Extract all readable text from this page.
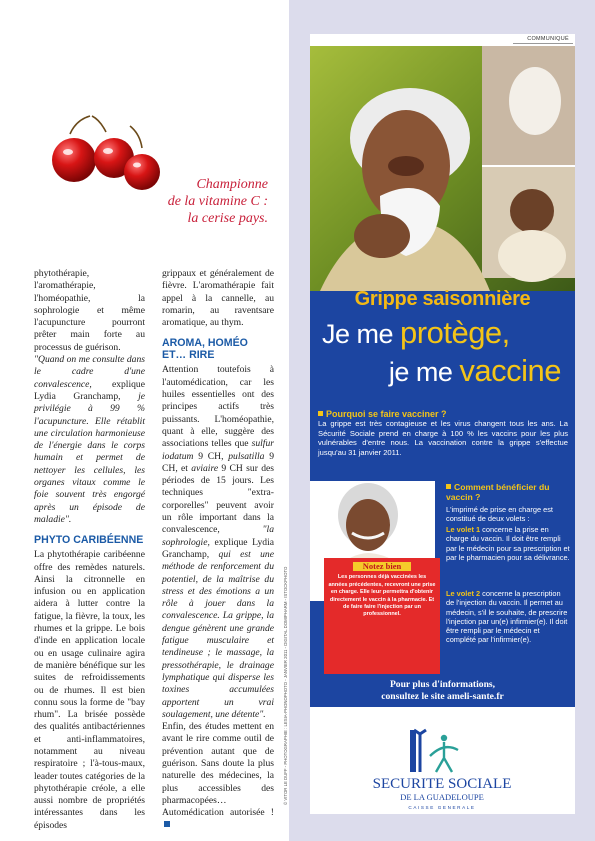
Championne
de la vitamine C :
la cerise pays.

phytothérapie, l'aromathérapie, l'homéopathie, la sophrologie et même l'acupuncture pourront prêter main forte au processus de guérison.

"Quand on me consulte dans le cadre d'une convalescence, explique Lydia Granchamp, je privilégie à 99 % l'acupuncture. Elle rétablit une circulation harmonieuse de l'énergie dans le corps humain et permet de nettoyer les cellules, les organes vitaux comme le foie souvent très engorgé après un épisode de maladie".

PHYTO CARIBÉENNE

La phytothérapie caribéenne offre des remèdes naturels. Ainsi la citronnelle en infusion ou en application aidera à lutter contre la fatigue, la fièvre, la toux, les rhumes et la grippe. Le bois d'inde en application locale ou en usage culinaire agira de manière bénéfique sur les suites de refroidissements ou de rhumes. Il est bien connu sous la forme de "bay rhum". La brisée possède des qualités antibactériennes et anti-inflammatoires, notamment au niveau respiratoire ; l'à-tous-maux, leader toutes catégories de la phytothérapie créole, a elle aussi nombre de propriétés intéressantes dans les épisodes

grippaux et généralement de fièvre. L'aromathérapie fait appel à la cannelle, au romarin, au raventsare aromatique, au thym.

AROMA, HOMÉO ET… RIRE

Attention toutefois à l'automédication, car les huiles essentielles ont des principes actifs très puissants. L'homéopathie, quant à elle, suggère des associations telles que sulfur iodatum 9 CH, pulsatilla 9 CH, et aviaire 9 CH sur des périodes de 15 jours. Les techniques "extra-corporelles" peuvent avoir un rôle important dans la convalescence,	"la sophrologie, explique Lydia Granchamp, qui est une méthode de renforcement du potentiel, de la maîtrise du stress et des émotions a un rôle à jouer dans la convalescence. La grippe, la dengue génèrent une grande fatigue musculaire et tendineuse ; le massage, la pressothérapie, le drainage lymphatique qui disperse les toxines accumulées apportent un vrai soulagement, une détente".

Enfin, des études mettent en avant le rire comme outil de prévention autant que de guérison. Sans doute la plus naturelle des médecines, la plus accessibles des pharmacopées… Automédication autorisée !

© VITOR LE DUFF - PHOTOGRAPHIE : LESIA-PHONOPHOTO - JANVIER 2011 - DIGITAL DOMIPHARM - ISTOCKPHOTO
COMMUNIQUÉ
Grippe saisonnière
Je me protège,
je me vaccine
Pourquoi se faire vacciner ?
La grippe est très contagieuse et les virus changent tous les ans. La Sécurité Sociale prend en charge à 100 % les vaccins pour les plus vulnérables d'entre nous. La vaccination contre la grippe s'effectue jusqu'au 31 janvier 2011.
Comment bénéficier du vaccin ?
L'imprimé de prise en charge est constitué de deux volets :
Le volet 1 concerne la prise en charge du vaccin. Il doit être rempli par le médecin pour sa prescription et par le pharmacien pour sa délivrance.
Le volet 2 concerne la prescription de l'injection du vaccin. Il permet au médecin, s'il le souhaite, de prescrire l'injection par un(e) infirmier(e). Il doit être rempli par le médecin et complété par l'infirmier(e).
Notez bien
Les personnes déjà vaccinées les années précédentes, recevront une prise en charge. Elle leur permettra d'obtenir directement le vaccin à la pharmacie. Et de faire faire l'injection par un professionnel.
Pour plus d'informations,
consultez le site ameli-sante.fr
SECURITE SOCIALE
DE LA GUADELOUPE
CAISSE GENERALE
